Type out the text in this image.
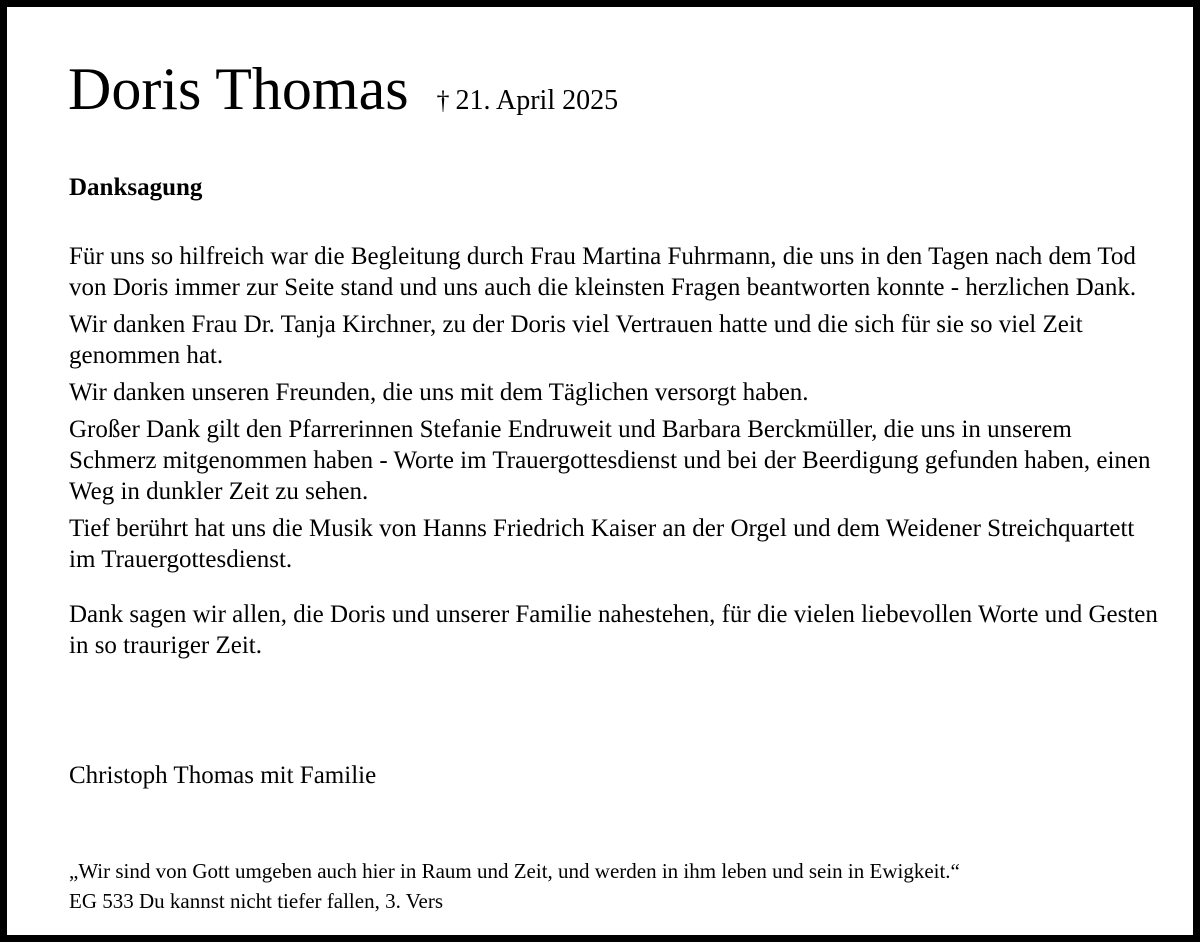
Doris Thomas † 21. April 2025
Danksagung

Für uns so hilfreich war die Begleitung durch Frau Martina Fuhrmann, die uns in den Tagen nach dem Tod von Doris immer zur Seite stand und uns auch die kleinsten Fragen beantworten konnte - herzlichen Dank.

Wir danken Frau Dr. Tanja Kirchner, zu der Doris viel Vertrauen hatte und die sich für sie so viel Zeit genommen hat.

Wir danken unseren Freunden, die uns mit dem Täglichen versorgt haben.

Großer Dank gilt den Pfarrerinnen Stefanie Endruweit und Barbara Berckmüller, die uns in unserem Schmerz mitgenommen haben - Worte im Trauergottesdienst und bei der Beerdigung gefunden haben, einen Weg in dunkler Zeit zu sehen.

Tief berührt hat uns die Musik von Hanns Friedrich Kaiser an der Orgel und dem Weidener Streichquartett im Trauergottesdienst.

Dank sagen wir allen, die Doris und unserer Familie nahestehen, für die vielen liebevollen Worte und Gesten in so trauriger Zeit.

Christoph Thomas mit Familie
„Wir sind von Gott umgeben auch hier in Raum und Zeit, und werden in ihm leben und sein in Ewigkeit.“
EG 533 Du kannst nicht tiefer fallen, 3. Vers
